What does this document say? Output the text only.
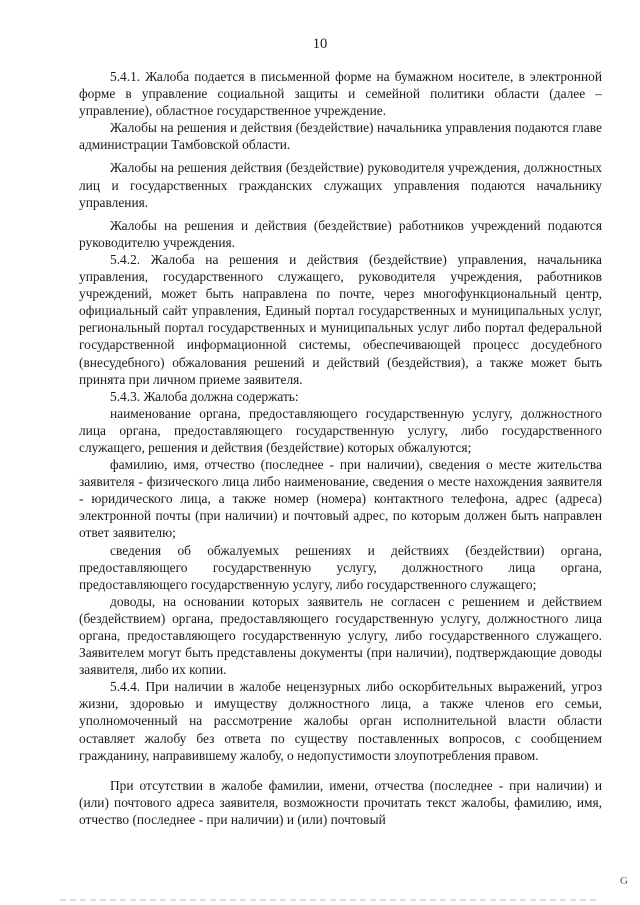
10

5.4.1. Жалоба подается в письменной форме на бумажном носителе, в электронной форме в управление социальной защиты и семейной политики области (далее – управление), областное государственное учреждение.

Жалобы на решения и действия (бездействие) начальника управления подаются главе администрации Тамбовской области.

Жалобы на решения действия (бездействие) руководителя учреждения, должностных лиц и государственных гражданских служащих управления подаются начальнику управления.

Жалобы на решения и действия (бездействие) работников учреждений подаются руководителю учреждения.

5.4.2. Жалоба на решения и действия (бездействие) управления, начальника управления, государственного служащего, руководителя учреждения, работников учреждений, может быть направлена по почте, через многофункциональный центр, официальный сайт управления, Единый портал государственных и муниципальных услуг, региональный портал государственных и муниципальных услуг либо портал федеральной государственной информационной системы, обеспечивающей процесс досудебного (внесудебного) обжалования решений и действий (бездействия), а также может быть принята при личном приеме заявителя.

5.4.3. Жалоба должна содержать:

наименование органа, предоставляющего государственную услугу, должностного лица органа, предоставляющего государственную услугу, либо государственного служащего, решения и действия (бездействие) которых обжалуются;

фамилию, имя, отчество (последнее - при наличии), сведения о месте жительства заявителя - физического лица либо наименование, сведения о месте нахождения заявителя - юридического лица, а также номер (номера) контактного телефона, адрес (адреса) электронной почты (при наличии) и почтовый адрес, по которым должен быть направлен ответ заявителю;

сведения об обжалуемых решениях и действиях (бездействии) органа, предоставляющего государственную услугу, должностного лица органа, предоставляющего государственную услугу, либо государственного служащего;

доводы, на основании которых заявитель не согласен с решением и действием (бездействием) органа, предоставляющего государственную услугу, должностного лица органа, предоставляющего государственную услугу, либо государственного служащего. Заявителем могут быть представлены документы (при наличии), подтверждающие доводы заявителя, либо их копии.

5.4.4. При наличии в жалобе нецензурных либо оскорбительных выражений, угроз жизни, здоровью и имуществу должностного лица, а также членов его семьи, уполномоченный на рассмотрение жалобы орган исполнительной власти области оставляет жалобу без ответа по существу поставленных вопросов, с сообщением гражданину, направившему жалобу, о недопустимости злоупотребления правом.

При отсутствии в жалобе фамилии, имени, отчества (последнее - при наличии) и (или) почтового адреса заявителя, возможности прочитать текст жалобы, фамилию, имя, отчество (последнее - при наличии) и (или) почтовый

G
